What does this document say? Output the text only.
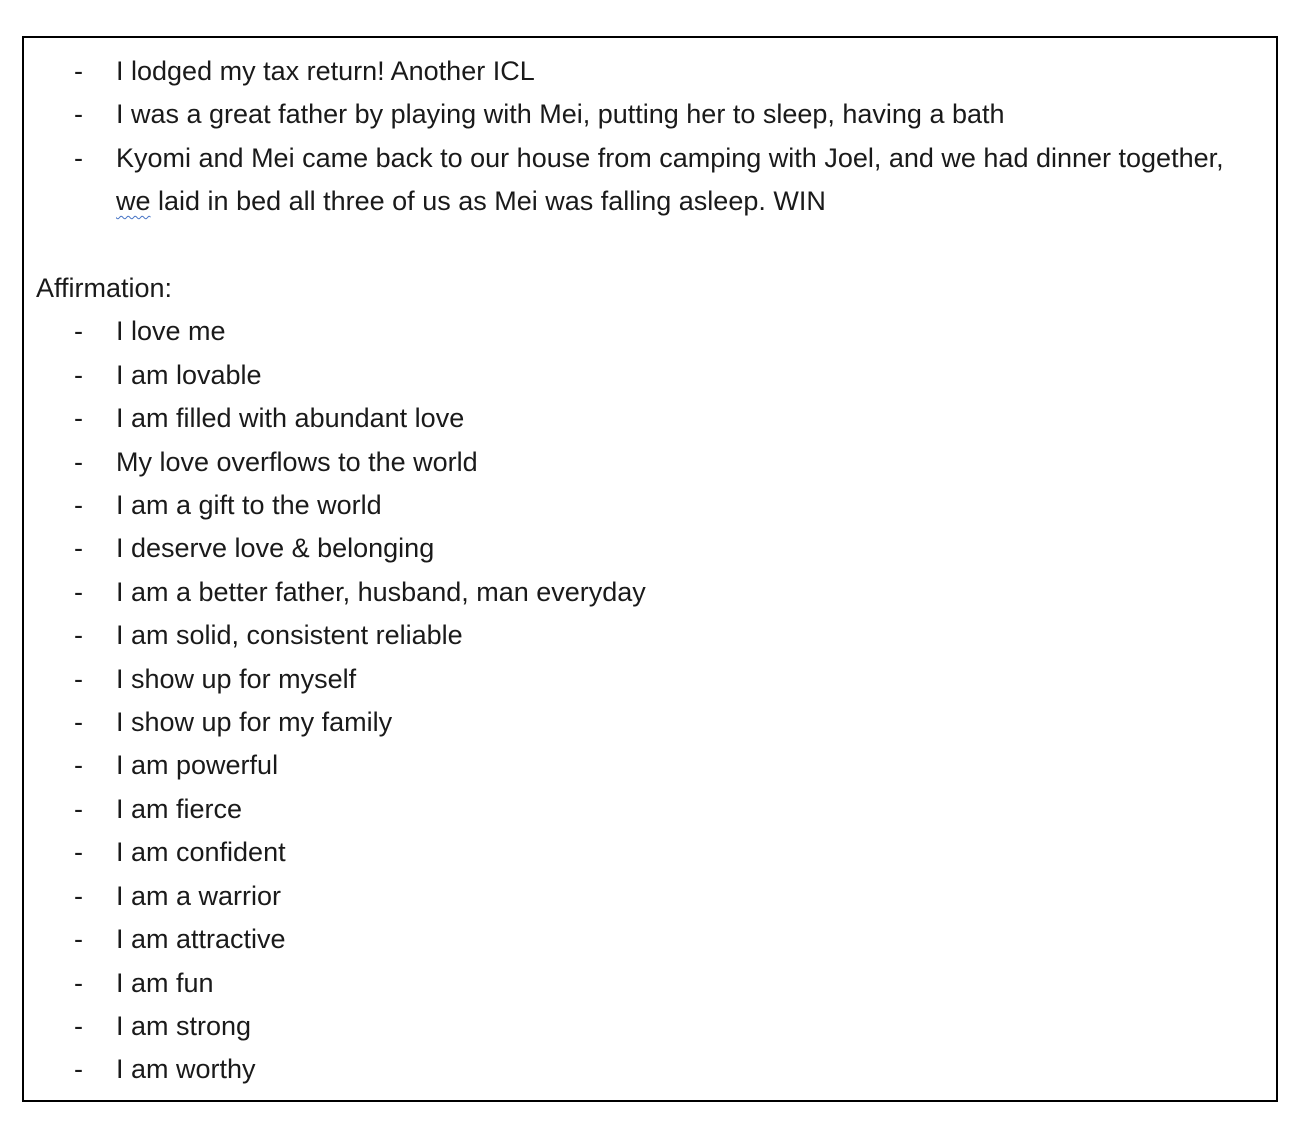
-	I lodged my tax return! Another ICL
-	I was a great father by playing with Mei, putting her to sleep, having a bath
-	Kyomi and Mei came back to our house from camping with Joel, and we had dinner together, we laid in bed all three of us as Mei was falling asleep. WIN
Affirmation:
-	I love me
-	I am lovable
-	I am filled with abundant love
-	My love overflows to the world
-	I am a gift to the world
-	I deserve love & belonging
-	I am a better father, husband, man everyday
-	I am solid, consistent reliable
-	I show up for myself
-	I show up for my family
-	I am powerful
-	I am fierce
-	I am confident
-	I am a warrior
-	I am attractive
-	I am fun
-	I am strong
-	I am worthy
